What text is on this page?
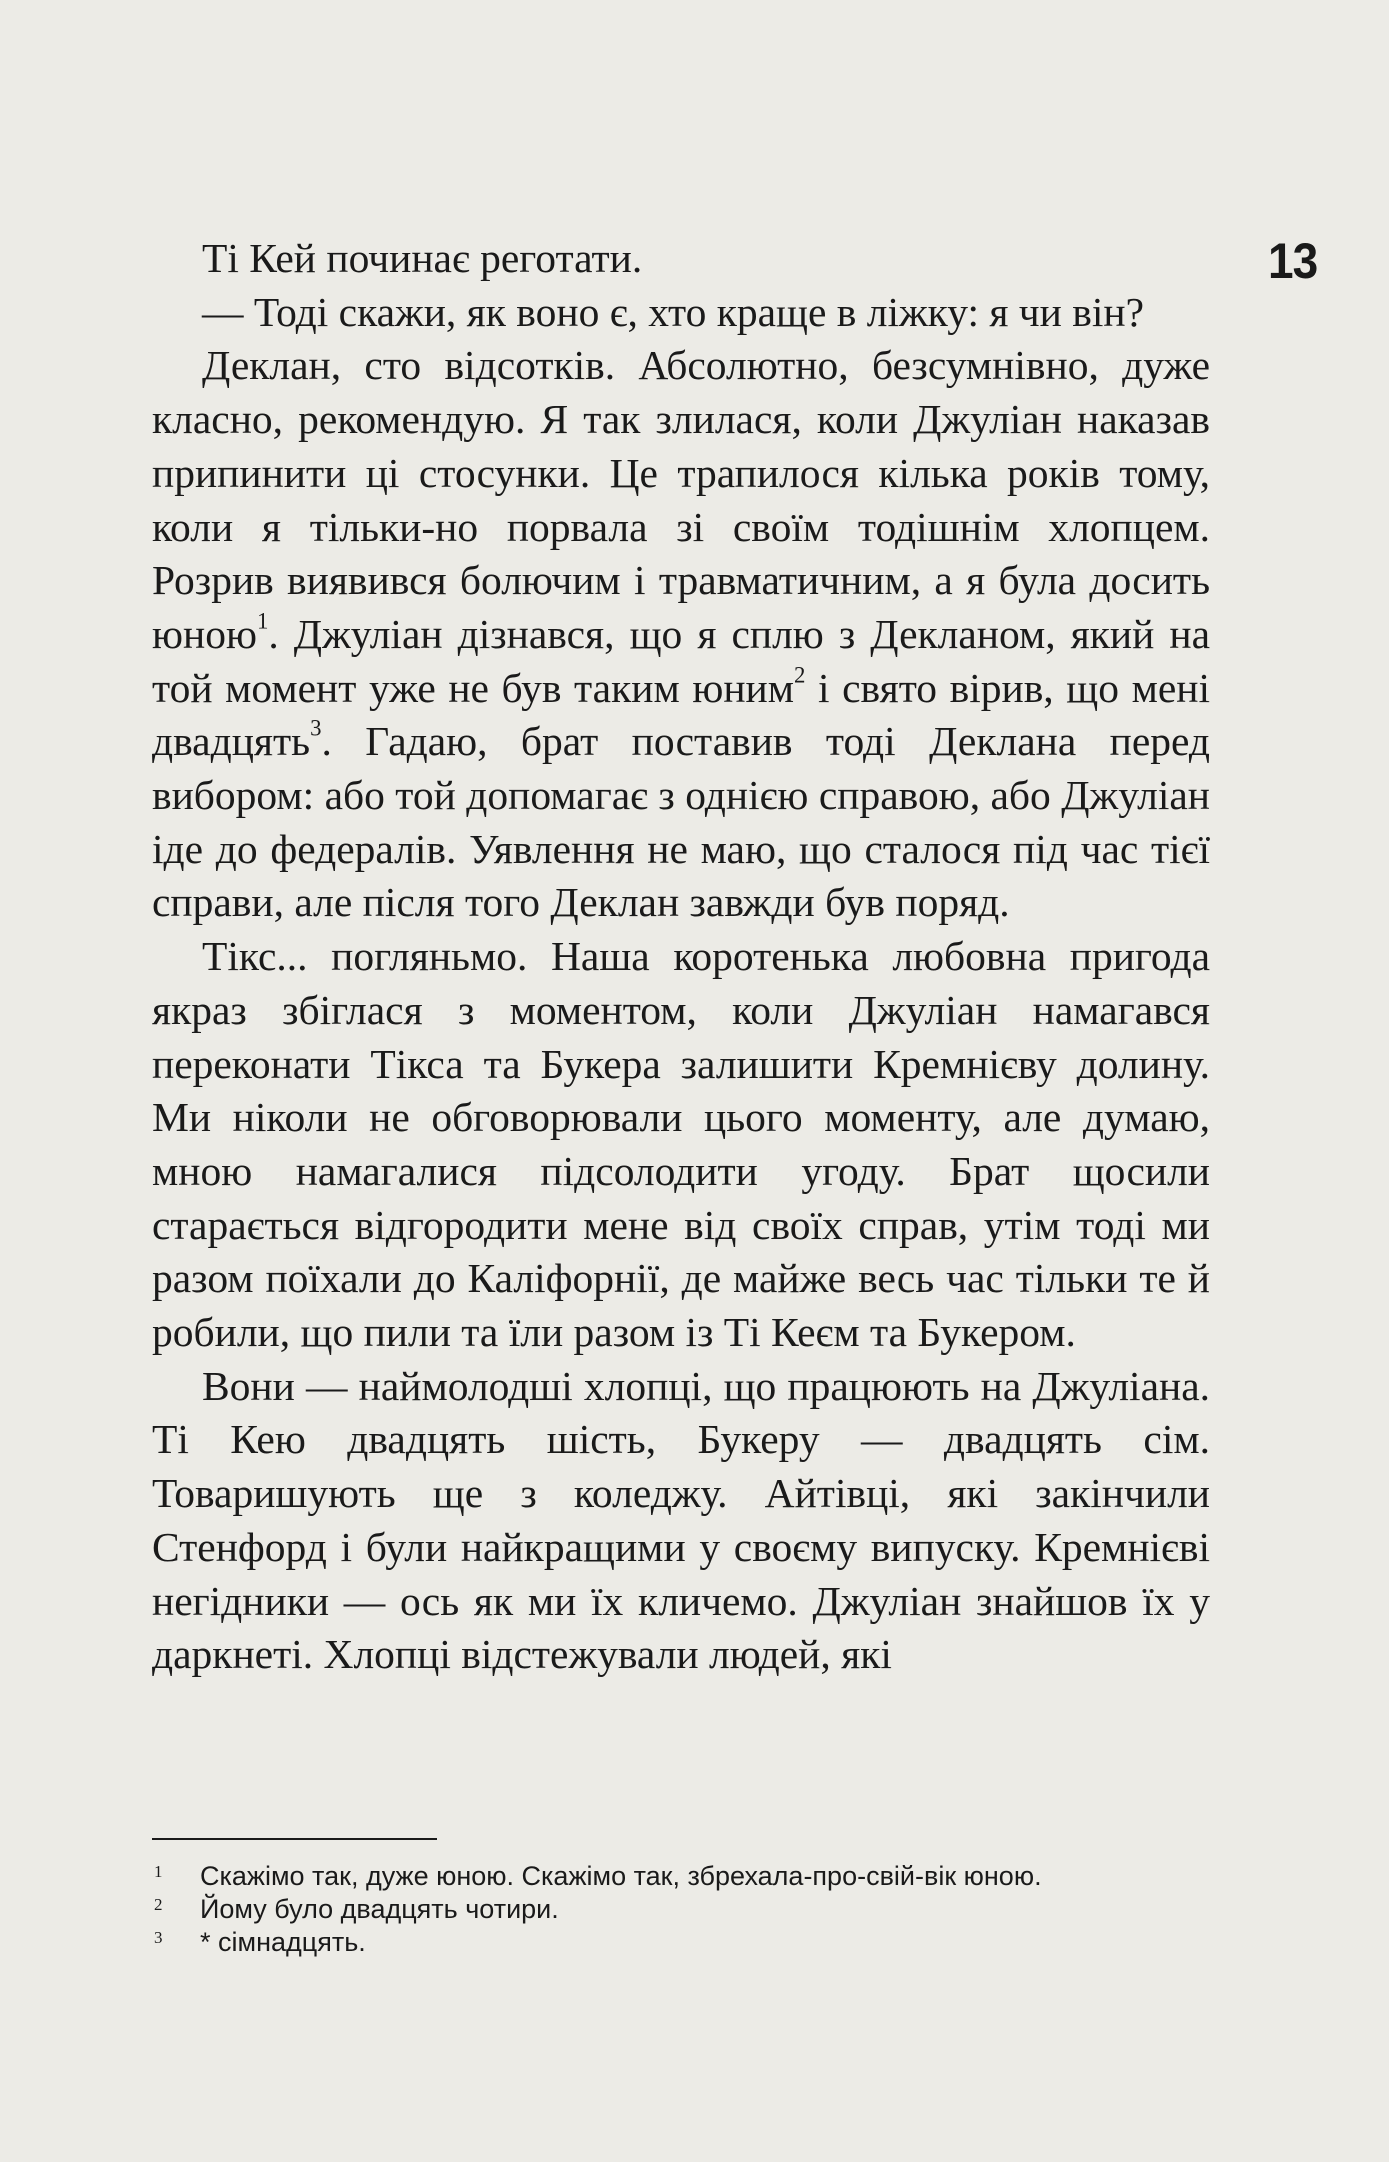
13

Ті Кей починає реготати.

— Тоді скажи, як воно є, хто краще в ліжку: я чи він?

Деклан, сто відсотків. Абсолютно, безсумнівно, дуже класно, рекомендую. Я так злилася, коли Джуліан наказав припинити ці стосунки. Це трапилося кілька років тому, коли я тільки-но порвала зі своїм тодішнім хлопцем. Розрив виявився болючим і травматичним, а я була досить юною$^1$. Джуліан дізнався, що я сплю з Декланом, який на той момент уже не був таким юним$^2$ і свято вірив, що мені двадцять$^3$. Гадаю, брат поставив тоді Деклана перед вибором: або той допомагає з однією справою, або Джуліан іде до федералів. Уявлення не маю, що сталося під час тієї справи, але після того Деклан завжди був поряд.

Тікс... погляньмо. Наша коротенька любовна пригода якраз збіглася з моментом, коли Джуліан намагався переконати Тікса та Букера залишити Кремнієву долину. Ми ніколи не обговорювали цього моменту, але думаю, мною намагалися підсолодити угоду. Брат щосили старається відгородити мене від своїх справ, утім тоді ми разом поїхали до Каліфорнії, де майже весь час тільки те й робили, що пили та їли разом із Ті Кеєм та Букером.

Вони — наймолодші хлопці, що працюють на Джуліана. Ті Кею двадцять шість, Букеру — двадцять сім. Товаришують ще з коледжу. Айтівці, які закінчили Стенфорд і були найкращими у своєму випуску. Кремнієві негідники — ось як ми їх кличемо. Джуліан знайшов їх у даркнеті. Хлопці відстежували людей, які

1 Скажімо так, дуже юною. Скажімо так, збрехала-про-свій-вік юною.
2 Йому було двадцять чотири.
3 * сімнадцять.
